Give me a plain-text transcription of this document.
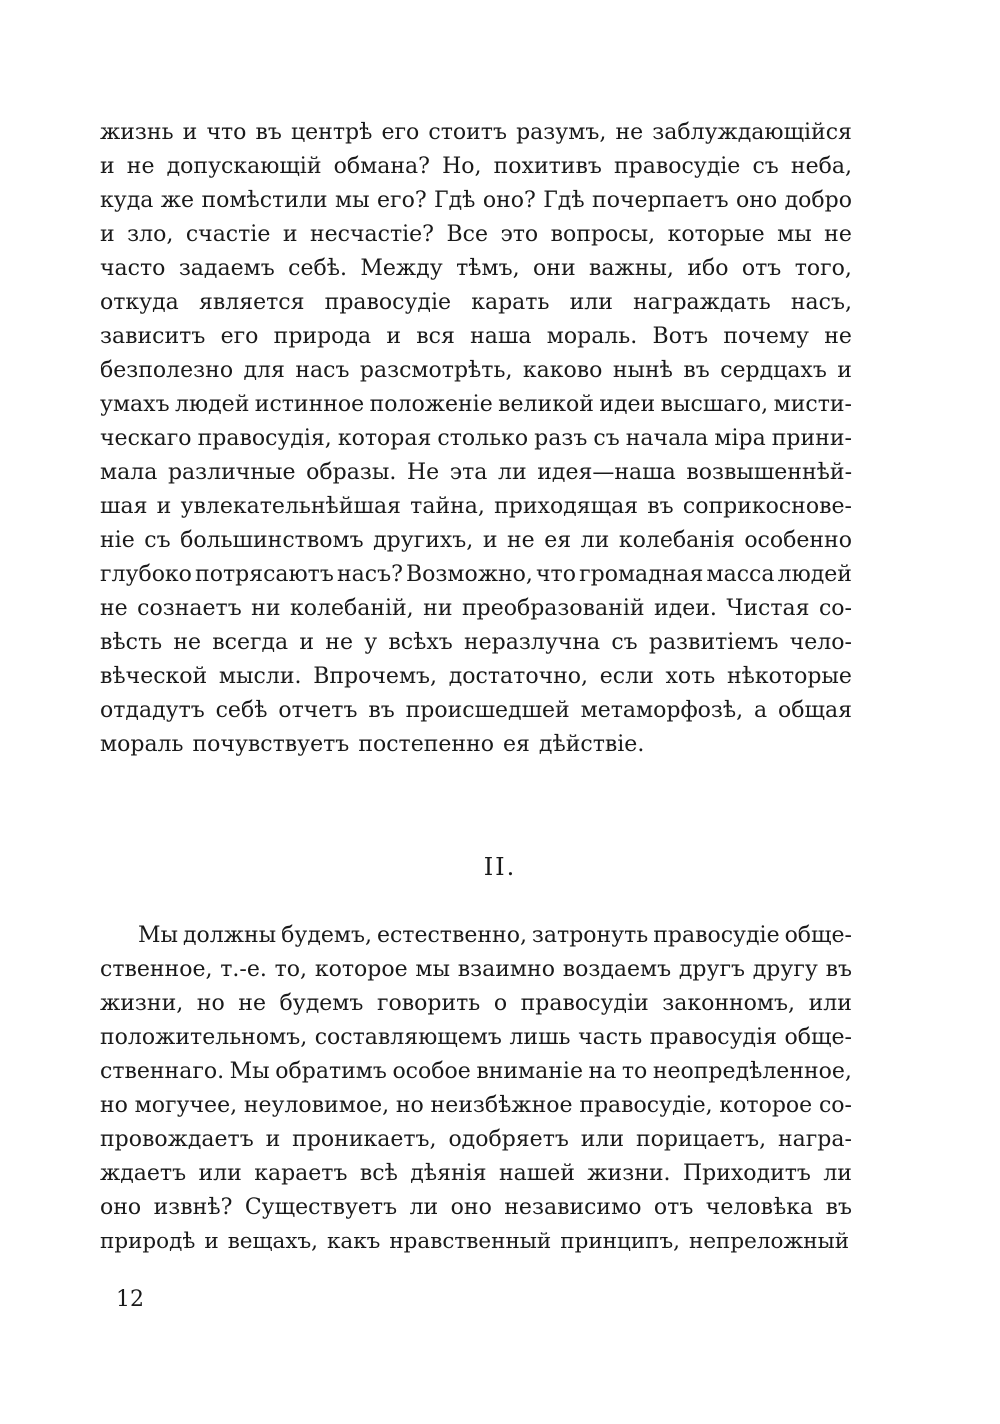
жизнь и что въ центрѣ его стоитъ разумъ, не заблуждающійся
и не допускающій обмана? Но, похитивъ правосудіе съ неба,
куда же помѣстили мы его? Гдѣ оно? Гдѣ почерпаетъ оно добро
и зло, счастіе и несчастіе? Все это вопросы, которые мы не
часто задаемъ себѣ. Между тѣмъ, они важны, ибо отъ того,
откуда является правосудіе карать или награждать насъ,
зависитъ его природа и вся наша мораль. Вотъ почему не
безполезно для насъ разсмотрѣть, каково нынѣ въ сердцахъ и
умахъ людей истинное положеніе великой идеи высшаго, мисти-
ческаго правосудія, которая столько разъ съ начала міра прини-
мала различные образы. Не эта ли идея—наша возвышеннѣй-
шая и увлекательнѣйшая тайна, приходящая въ соприкоснове-
ніе съ большинствомъ другихъ, и не ея ли колебанія особенно
глубоко потрясаютъ насъ? Возможно, что громадная масса людей
не сознаетъ ни колебаній, ни преобразованій идеи. Чистая со-
вѣсть не всегда и не у всѣхъ неразлучна съ развитіемъ чело-
вѣческой мысли. Впрочемъ, достаточно, если хоть нѣкоторые
отдадутъ себѣ отчетъ въ происшедшей метаморфозѣ, а общая
мораль почувствуетъ постепенно ея дѣйствіе.
II.
Мы должны будемъ, естественно, затронуть правосудіе обще-
ственное, т.-е. то, которое мы взаимно воздаемъ другъ другу въ
жизни, но не будемъ говорить о правосудіи законномъ, или
положительномъ, составляющемъ лишь часть правосудія обще-
ственнаго. Мы обратимъ особое вниманіе на то неопредѣленное,
но могучее, неуловимое, но неизбѣжное правосудіе, которое со-
провождаетъ и проникаетъ, одобряетъ или порицаетъ, награ-
ждаетъ или караетъ всѣ дѣянія нашей жизни. Приходитъ ли
оно извнѣ? Существуетъ ли оно независимо отъ человѣка въ
природѣ и вещахъ, какъ нравственный принципъ, непреложный
12
